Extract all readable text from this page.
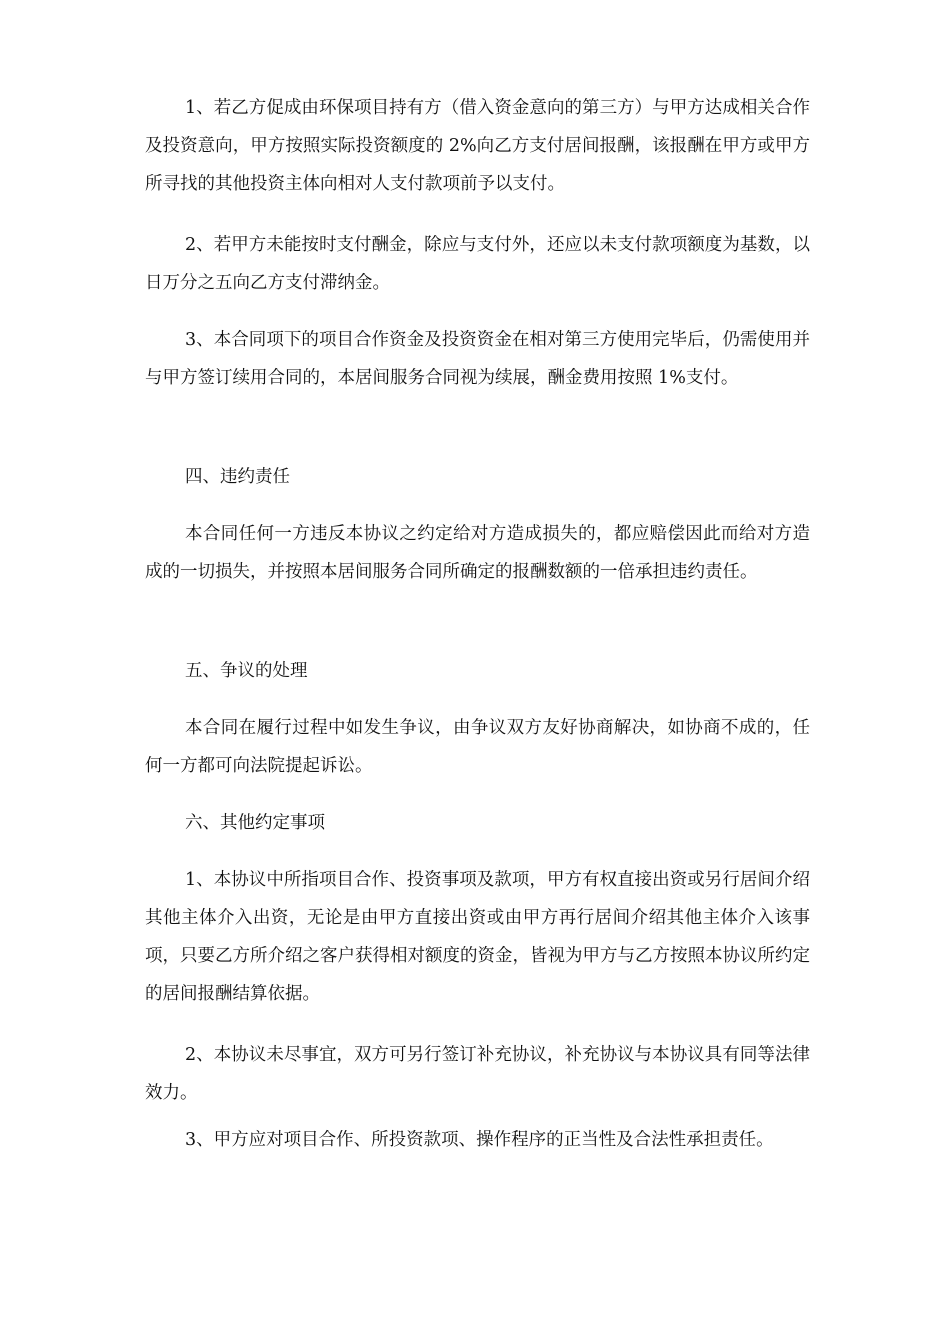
1、若乙方促成由环保项目持有方（借入资金意向的第三方）与甲方达成相关合作及投资意向，甲方按照实际投资额度的 2%向乙方支付居间报酬，该报酬在甲方或甲方所寻找的其他投资主体向相对人支付款项前予以支付。

2、若甲方未能按时支付酬金，除应与支付外，还应以未支付款项额度为基数，以日万分之五向乙方支付滞纳金。

3、本合同项下的项目合作资金及投资资金在相对第三方使用完毕后，仍需使用并与甲方签订续用合同的，本居间服务合同视为续展，酬金费用按照 1%支付。

四、违约责任

本合同任何一方违反本协议之约定给对方造成损失的，都应赔偿因此而给对方造成的一切损失，并按照本居间服务合同所确定的报酬数额的一倍承担违约责任。

五、争议的处理

本合同在履行过程中如发生争议，由争议双方友好协商解决，如协商不成的，任何一方都可向法院提起诉讼。

六、其他约定事项

1、本协议中所指项目合作、投资事项及款项，甲方有权直接出资或另行居间介绍其他主体介入出资，无论是由甲方直接出资或由甲方再行居间介绍其他主体介入该事项，只要乙方所介绍之客户获得相对额度的资金，皆视为甲方与乙方按照本协议所约定的居间报酬结算依据。

2、本协议未尽事宜，双方可另行签订补充协议，补充协议与本协议具有同等法律效力。

3、甲方应对项目合作、所投资款项、操作程序的正当性及合法性承担责任。
